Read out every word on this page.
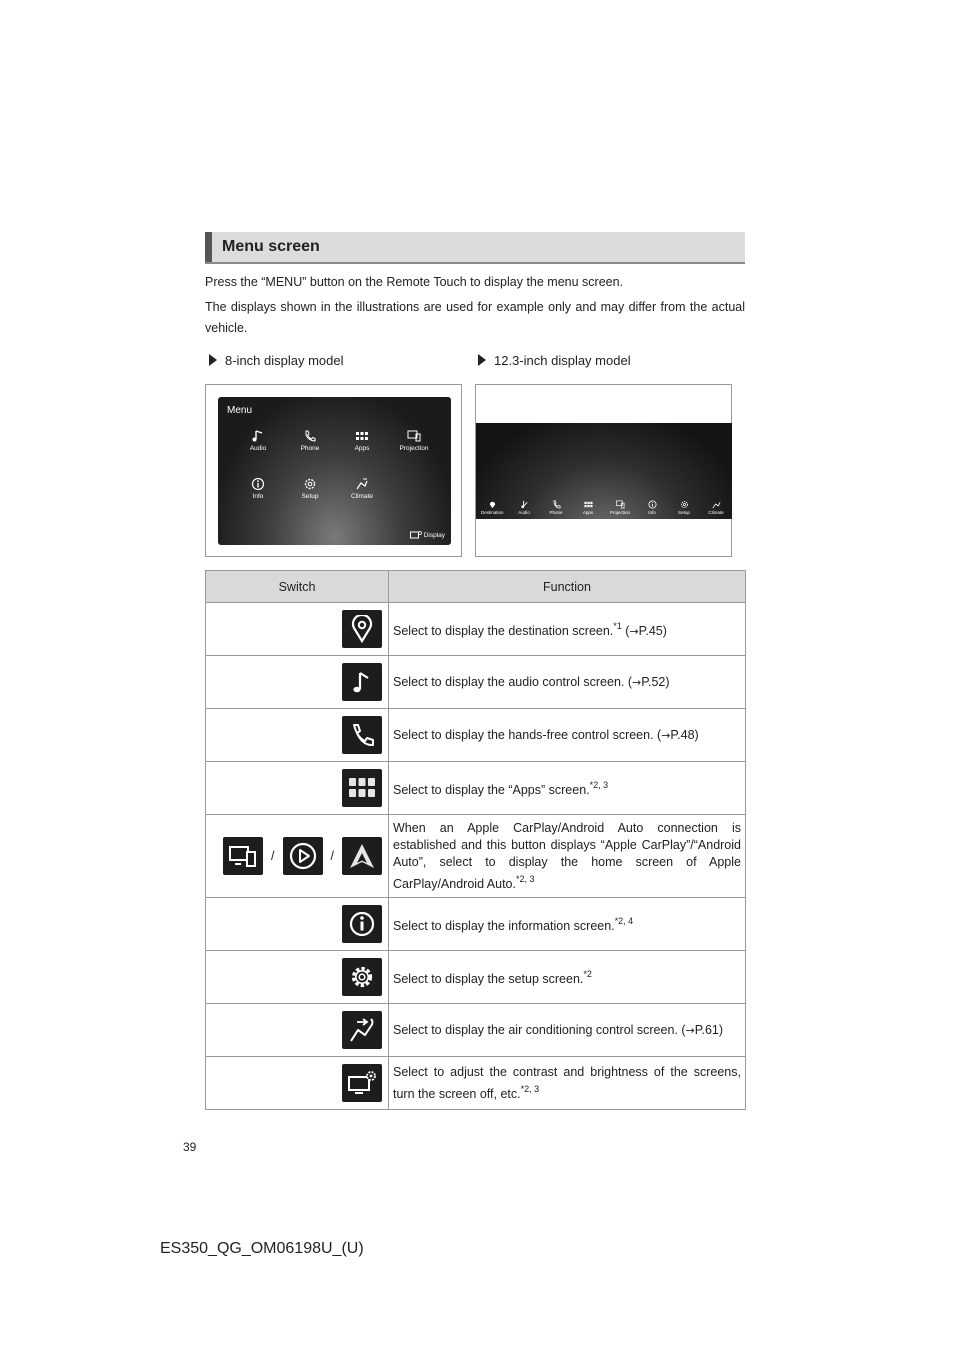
Menu screen
Press the “MENU” button on the Remote Touch to display the menu screen.
The displays shown in the illustrations are used for example only and may differ from the actual vehicle.
8-inch display model	12.3-inch display model
Menu
Audio	Phone	Apps	Projection
Info	Setup	Climate
Display
Destination	Audio	Phone	Apps	Projection	Info	Setup	Climate
Switch	Function

	Select to display the destination screen.$^{*1}$ (→P.45)

	Select to display the audio control screen. (→P.52)

	Select to display the hands-free control screen. (→P.48)

	Select to display the “Apps” screen.$^{*2, 3}$

/ /	When an Apple CarPlay/Android Auto connection is established and this button displays “Apple CarPlay”/“Android Auto”, select to display the home screen of Apple CarPlay/Android Auto.$^{*2, 3}$

	Select to display the information screen.$^{*2, 4}$

	Select to display the setup screen.$^{*2}$

	Select to display the air conditioning control screen. (→P.61)

	Select to adjust the contrast and brightness of the screens, turn the screen off, etc.$^{*2, 3}$
39
ES350_QG_OM06198U_(U)
